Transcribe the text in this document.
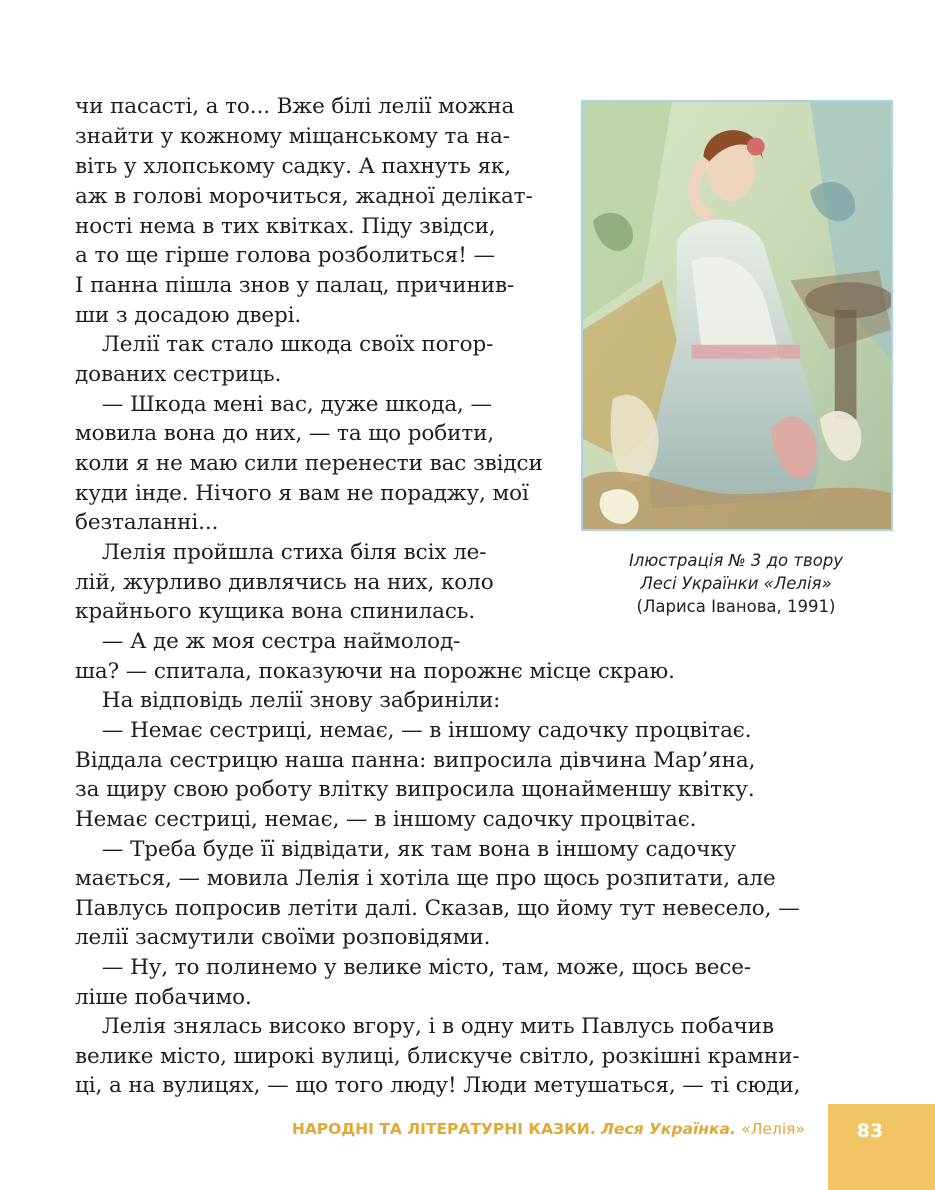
чи пасасті, а то... Вже білі лелії можна

знайти у кожному міщанському та на-

віть у хлопському садку. А пахнуть як,

аж в голові морочиться, жадної делікат-

ності нема в тих квітках. Піду звідси,

а то ще гірше голова розболиться! —

І панна пішла знов у палац, причинив-

ши з досадою двері.

Лелії так стало шкода своїх погор-

дованих сестриць.

— Шкода мені вас, дуже шкода, —

мовила вона до них, — та що робити,

коли я не маю сили перенести вас звідси

куди інде. Нічого я вам не пораджу, мої

безталанні...

Лелія пройшла стиха біля всіх ле-

лій, журливо дивлячись на них, коло

крайнього кущика вона спинилась.

— А де ж моя сестра наймолод-

ша? — спитала, показуючи на порожнє місце скраю.

На відповідь лелії знову забриніли:

— Немає сестриці, немає, — в іншому садочку процвітає.

Віддала сестрицю наша панна: випросила дівчина Мар’яна,

за щиру свою роботу влітку випросила щонайменшу квітку.

Немає сестриці, немає, — в іншому садочку процвітає.

— Треба буде її відвідати, як там вона в іншому садочку

мається, — мовила Лелія і хотіла ще про щось розпитати, але

Павлусь попросив летіти далі. Сказав, що йому тут невесело, —

лелії засмутили своїми розповідями.

— Ну, то полинемо у велике місто, там, може, щось весе-

ліше побачимо.

Лелія знялась високо вгору, і в одну мить Павлусь побачив

велике місто, широкі вулиці, блискуче світло, розкішні крамни-

ці, а на вулицях, — що того люду! Люди метушаться, — ті сюди,

Ілюстрація № 3 до твору
Лесі Українки «Лелія»
(Лариса Іванова, 1991)
НАРОДНІ ТА ЛІТЕРАТУРНІ КАЗКИ. Леся Українка. «Лелія»	83
